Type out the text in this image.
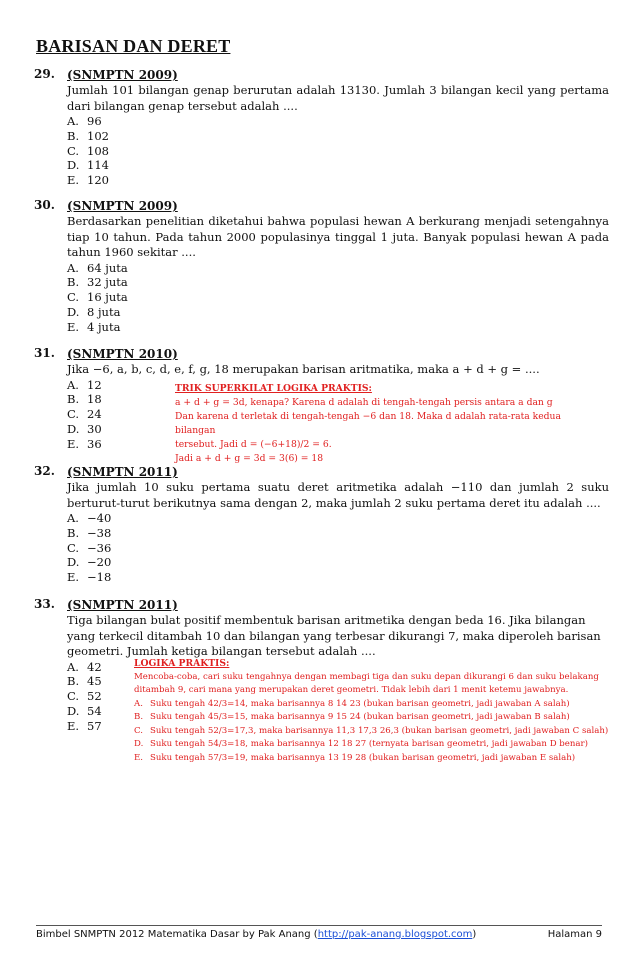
BARISAN DAN DERET
29. (SNMPTN 2009)
Jumlah 101 bilangan genap berurutan adalah 13130. Jumlah 3 bilangan kecil yang pertama dari bilangan genap tersebut adalah ....
A. 96
B. 102
C. 108
D. 114
E. 120
30. (SNMPTN 2009)
Berdasarkan penelitian diketahui bahwa populasi hewan A berkurang menjadi setengahnya tiap 10 tahun. Pada tahun 2000 populasinya tinggal 1 juta. Banyak populasi hewan A pada tahun 1960 sekitar ....
A. 64 juta
B. 32 juta
C. 16 juta
D. 8 juta
E. 4 juta
31. (SNMPTN 2010)
Jika −6, a, b, c, d, e, f, g, 18 merupakan barisan aritmatika, maka a + d + g = ....
A. 12
B. 18
C. 24
D. 30
E. 36
TRIK SUPERKILAT LOGIKA PRAKTIS:
a + d + g = 3d, kenapa? Karena d adalah di tengah-tengah persis antara a dan g
Dan karena d terletak di tengah-tengah −6 dan 18. Maka d adalah rata-rata kedua bilangan
tersebut. Jadi d = (−6+18)/2 = 6.
Jadi a + d + g = 3d = 3(6) = 18
32. (SNMPTN 2011)
Jika jumlah 10 suku pertama suatu deret aritmetika adalah −110 dan jumlah 2 suku berturut-turut berikutnya sama dengan 2, maka jumlah 2 suku pertama deret itu adalah ....
A. −40
B. −38
C. −36
D. −20
E. −18
33. (SNMPTN 2011)
Tiga bilangan bulat positif membentuk barisan aritmetika dengan beda 16. Jika bilangan yang terkecil ditambah 10 dan bilangan yang terbesar dikurangi 7, maka diperoleh barisan geometri. Jumlah ketiga bilangan tersebut adalah ....
A. 42
B. 45
C. 52
D. 54
E. 57
LOGIKA PRAKTIS:
Mencoba-coba, cari suku tengahnya dengan membagi tiga dan suku depan dikurangi 6 dan suku belakang
ditambah 9, cari mana yang merupakan deret geometri. Tidak lebih dari 1 menit ketemu jawabnya.
A. Suku tengah 42/3=14, maka barisannya 8 14 23 (bukan barisan geometri, jadi jawaban A salah)
B. Suku tengah 45/3=15, maka barisannya 9 15 24 (bukan barisan geometri, jadi jawaban B salah)
C. Suku tengah 52/3=17,3, maka barisannya 11,3 17,3 26,3 (bukan barisan geometri, jadi jawaban C salah)
D. Suku tengah 54/3=18, maka barisannya 12 18 27 (ternyata barisan geometri, jadi jawaban D benar)
E. Suku tengah 57/3=19, maka barisannya 13 19 28 (bukan barisan geometri, jadi jawaban E salah)
Bimbel SNMPTN 2012 Matematika Dasar by Pak Anang (http://pak-anang.blogspot.com)	Halaman 9
